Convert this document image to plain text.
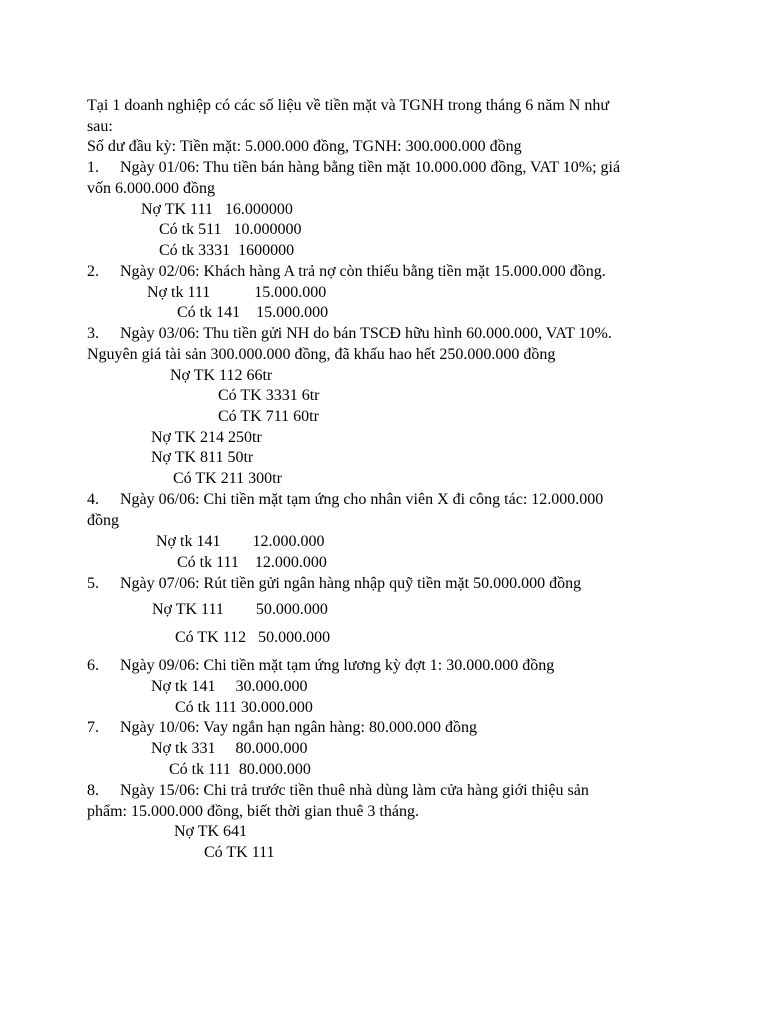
Tại 1 doanh nghiệp có các số liệu về tiền mặt và TGNH trong tháng 6 năm N như

sau:

Số dư đầu kỳ: Tiền mặt: 5.000.000 đồng, TGNH: 300.000.000 đồng

1. Ngày 01/06: Thu tiền bán hàng bằng tiền mặt 10.000.000 đồng, VAT 10%; giá

vốn 6.000.000 đồng

Nợ TK 111   16.000000

Có tk 511   10.000000

Có tk 3331  1600000

2. Ngày 02/06: Khách hàng A trả nợ còn thiếu bằng tiền mặt 15.000.000 đồng.

Nợ tk 111           15.000.000

Có tk 141    15.000.000

3. Ngày 03/06: Thu tiền gửi NH do bán TSCĐ hữu hình 60.000.000, VAT 10%.

Nguyên giá tài sản 300.000.000 đồng, đã khấu hao hết 250.000.000 đồng

Nợ TK 112 66tr

Có TK 3331 6tr

Có TK 711 60tr

Nợ TK 214 250tr

Nợ TK 811 50tr

Có TK 211 300tr

4. Ngày 06/06: Chi tiền mặt tạm ứng cho nhân viên X đi công tác: 12.000.000

đồng

Nợ tk 141        12.000.000

Có tk 111    12.000.000

5. Ngày 07/06: Rút tiền gửi ngân hàng nhập quỹ tiền mặt 50.000.000 đồng

Nợ TK 111        50.000.000

Có TK 112   50.000.000

6. Ngày 09/06: Chi tiền mặt tạm ứng lương kỳ đợt 1: 30.000.000 đồng

Nợ tk 141     30.000.000

Có tk 111 30.000.000

7. Ngày 10/06: Vay ngắn hạn ngân hàng: 80.000.000 đồng

Nợ tk 331     80.000.000

Có tk 111  80.000.000

8. Ngày 15/06: Chi trả trước tiền thuê nhà dùng làm cửa hàng giới thiệu sản

phẩm: 15.000.000 đồng, biết thời gian thuê 3 tháng.

Nợ TK 641

Có TK 111
